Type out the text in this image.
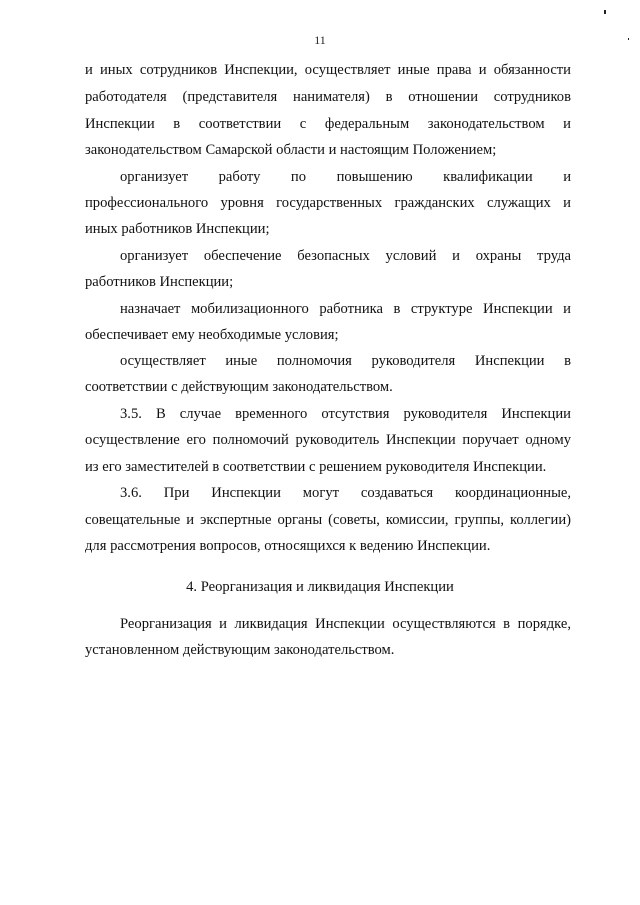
11
и иных сотрудников Инспекции, осуществляет иные права и обязанности
работодателя (представителя нанимателя) в отношении сотрудников
Инспекции в соответствии с федеральным законодательством и
законодательством Самарской области и настоящим Положением;
организует работу по повышению квалификации и
профессионального уровня государственных гражданских служащих и
иных работников Инспекции;
организует обеспечение безопасных условий и охраны труда
работников Инспекции;
назначает мобилизационного работника в структуре Инспекции и
обеспечивает ему необходимые условия;
осуществляет иные полномочия руководителя Инспекции в
соответствии с действующим законодательством.
3.5. В случае временного отсутствия руководителя Инспекции
осуществление его полномочий руководитель Инспекции поручает одному
из его заместителей в соответствии с решением руководителя Инспекции.
3.6. При Инспекции могут создаваться координационные,
совещательные и экспертные органы (советы, комиссии, группы, коллегии)
для рассмотрения вопросов, относящихся к ведению Инспекции.
4. Реорганизация и ликвидация Инспекции
Реорганизация и ликвидация Инспекции осуществляются в порядке,
установленном действующим законодательством.
